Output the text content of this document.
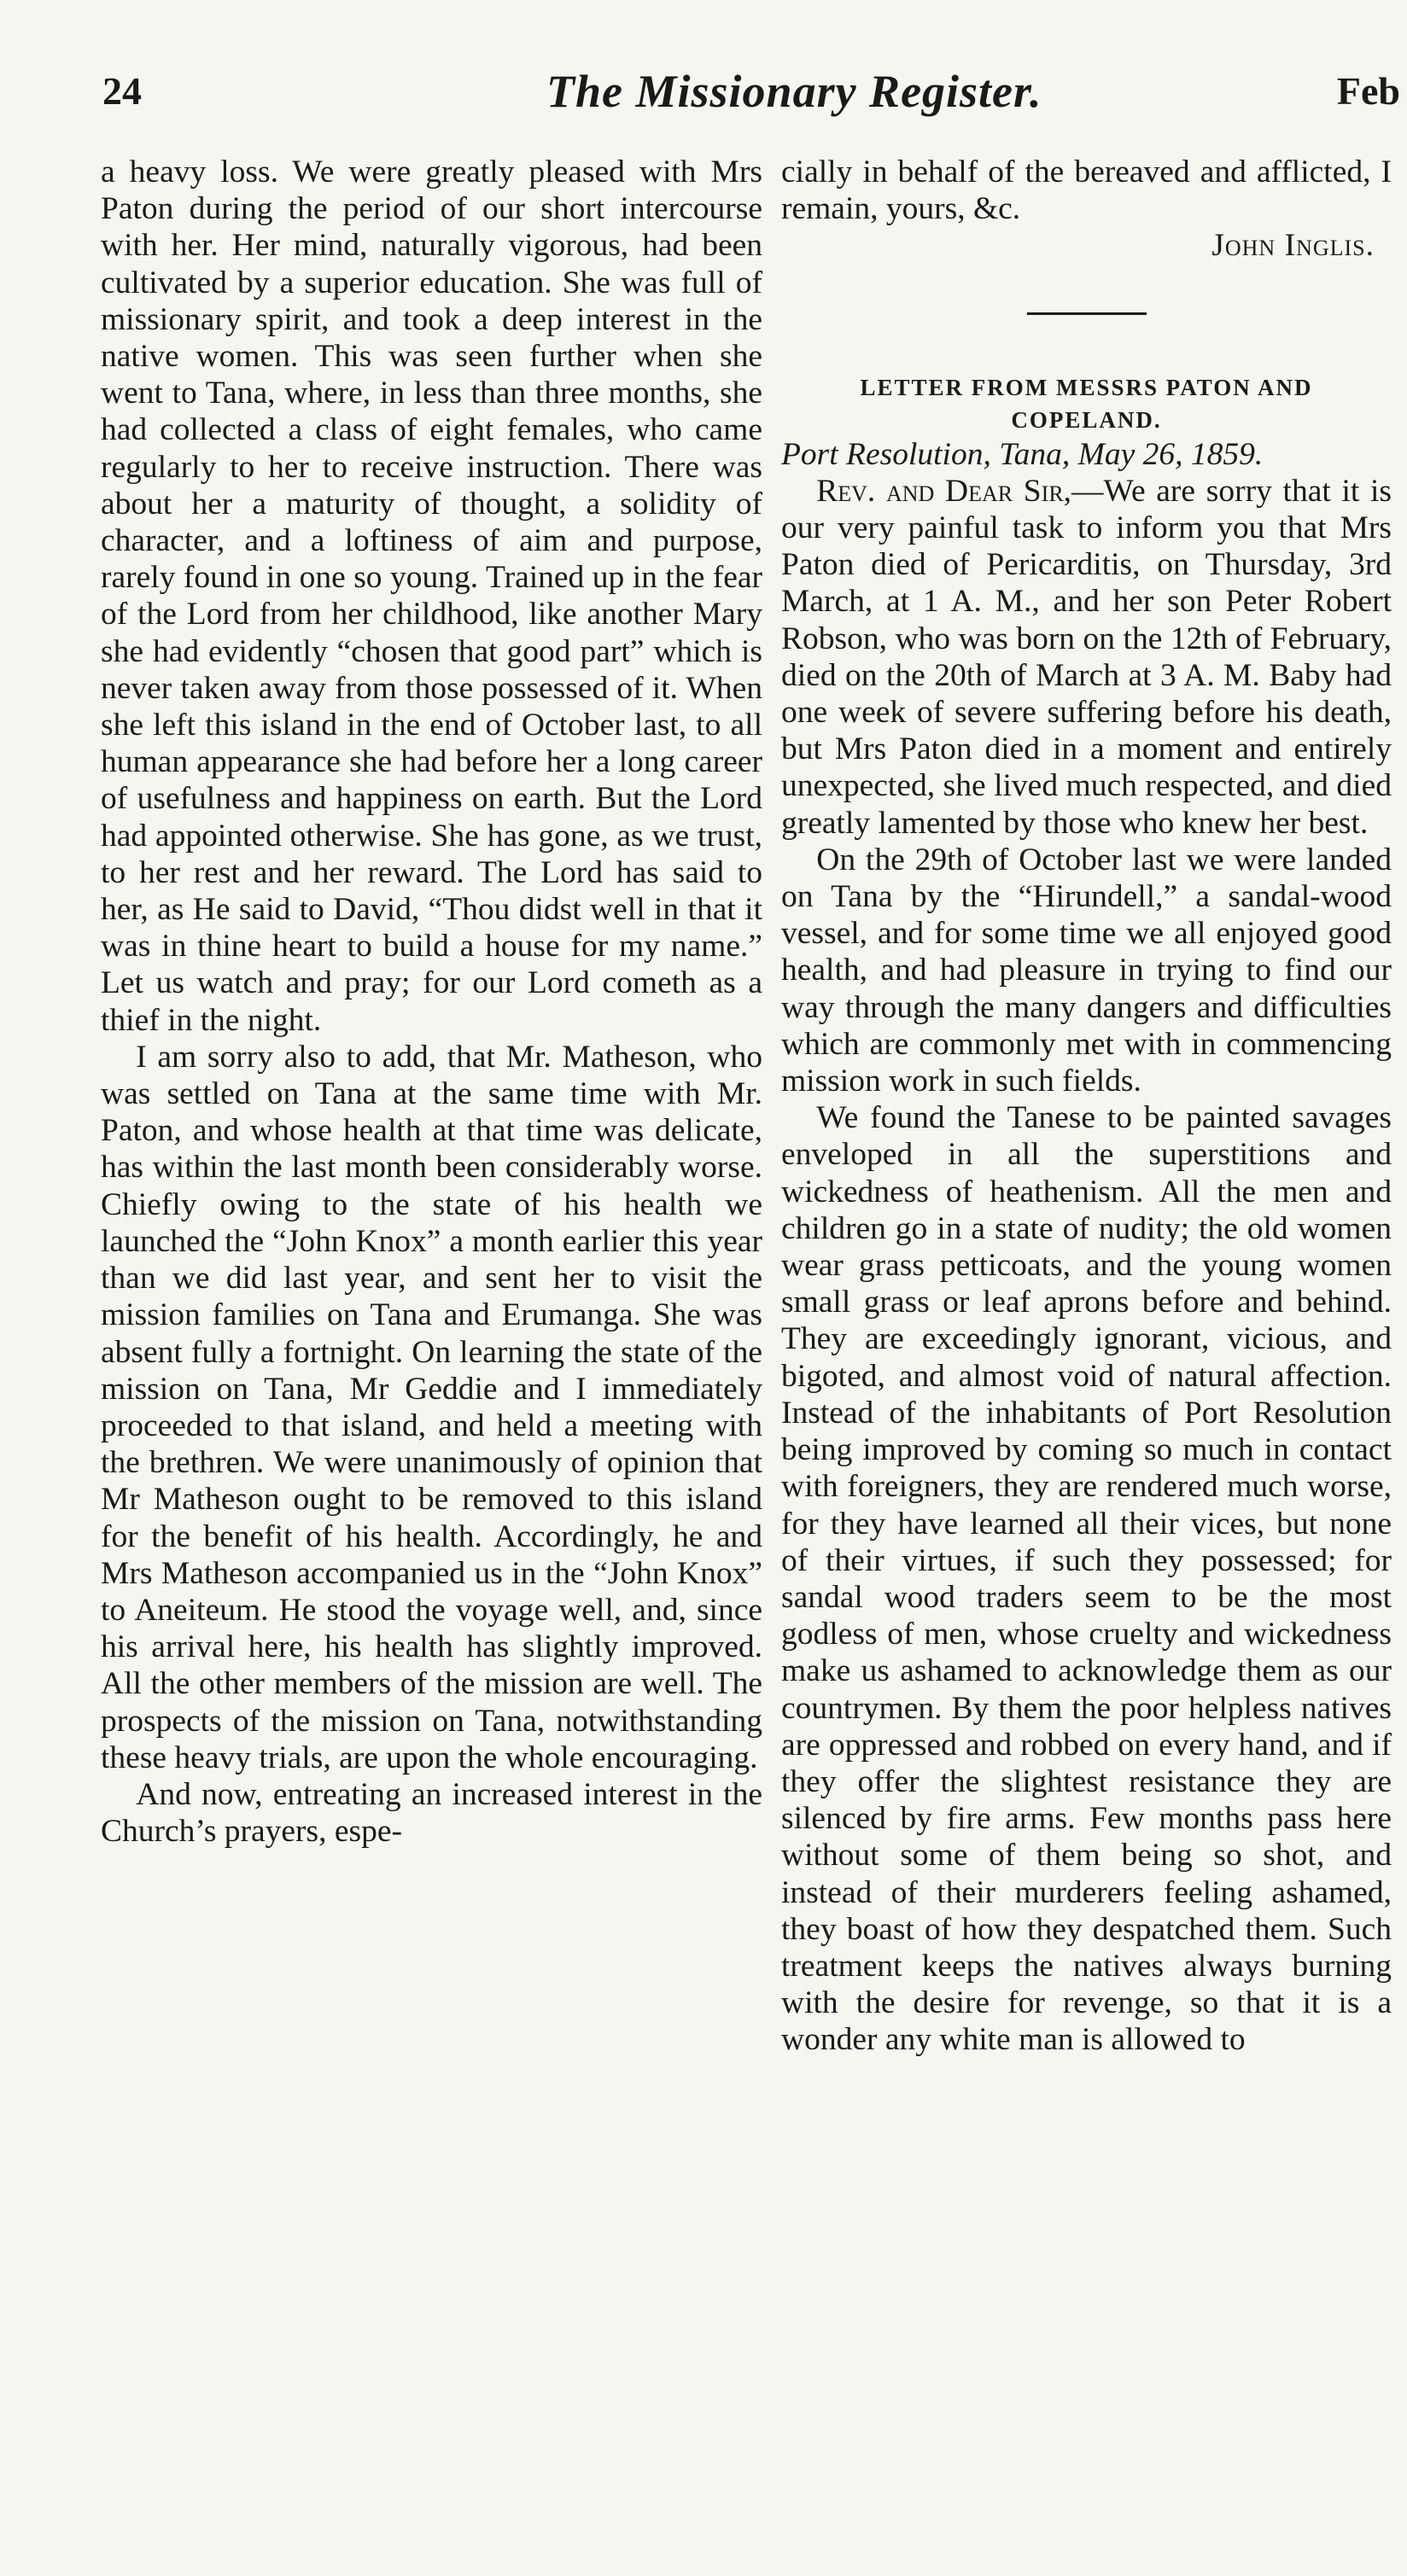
24	The Missionary Register.	Feb

a heavy loss. We were greatly pleased with Mrs Paton during the period of our short intercourse with her. Her mind, naturally vigorous, had been cultivated by a superior education. She was full of missionary spirit, and took a deep interest in the native women. This was seen further when she went to Tana, where, in less than three months, she had collected a class of eight females, who came regularly to her to receive instruction. There was about her a maturity of thought, a solidity of character, and a loftiness of aim and purpose, rarely found in one so young. Trained up in the fear of the Lord from her childhood, like another Mary she had evidently “chosen that good part” which is never taken away from those possessed of it. When she left this island in the end of October last, to all human appearance she had before her a long career of usefulness and happiness on earth. But the Lord had appointed otherwise. She has gone, as we trust, to her rest and her reward. The Lord has said to her, as He said to David, “Thou didst well in that it was in thine heart to build a house for my name.” Let us watch and pray; for our Lord cometh as a thief in the night.

I am sorry also to add, that Mr. Matheson, who was settled on Tana at the same time with Mr. Paton, and whose health at that time was delicate, has within the last month been considerably worse. Chiefly owing to the state of his health we launched the “John Knox” a month earlier this year than we did last year, and sent her to visit the mission families on Tana and Erumanga. She was absent fully a fortnight. On learning the state of the mission on Tana, Mr Geddie and I immediately proceeded to that island, and held a meeting with the brethren. We were unanimously of opinion that Mr Matheson ought to be removed to this island for the benefit of his health. Accordingly, he and Mrs Matheson accompanied us in the “John Knox” to Aneiteum. He stood the voyage well, and, since his arrival here, his health has slightly improved. All the other members of the mission are well. The prospects of the mission on Tana, notwithstanding these heavy trials, are upon the whole encouraging.

And now, entreating an increased interest in the Church’s prayers, espe-

cially in behalf of the bereaved and afflicted, I remain, yours, &c.

John Inglis.

LETTER FROM MESSRS PATON AND COPELAND.

Port Resolution, Tana, May 26, 1859.

Rev. and Dear Sir,—We are sorry that it is our very painful task to inform you that Mrs Paton died of Pericarditis, on Thursday, 3rd March, at 1 A. M., and her son Peter Robert Robson, who was born on the 12th of February, died on the 20th of March at 3 A. M. Baby had one week of severe suffering before his death, but Mrs Paton died in a moment and entirely unexpected, she lived much respected, and died greatly lamented by those who knew her best.

On the 29th of October last we were landed on Tana by the “Hirundell,” a sandal-wood vessel, and for some time we all enjoyed good health, and had pleasure in trying to find our way through the many dangers and difficulties which are commonly met with in commencing mission work in such fields.

We found the Tanese to be painted savages enveloped in all the superstitions and wickedness of heathenism. All the men and children go in a state of nudity; the old women wear grass petticoats, and the young women small grass or leaf aprons before and behind. They are exceedingly ignorant, vicious, and bigoted, and almost void of natural affection. Instead of the inhabitants of Port Resolution being improved by coming so much in contact with foreigners, they are rendered much worse, for they have learned all their vices, but none of their virtues, if such they possessed; for sandal wood traders seem to be the most godless of men, whose cruelty and wickedness make us ashamed to acknowledge them as our countrymen. By them the poor helpless natives are oppressed and robbed on every hand, and if they offer the slightest resistance they are silenced by fire arms. Few months pass here without some of them being so shot, and instead of their murderers feeling ashamed, they boast of how they despatched them. Such treatment keeps the natives always burning with the desire for revenge, so that it is a wonder any white man is allowed to
